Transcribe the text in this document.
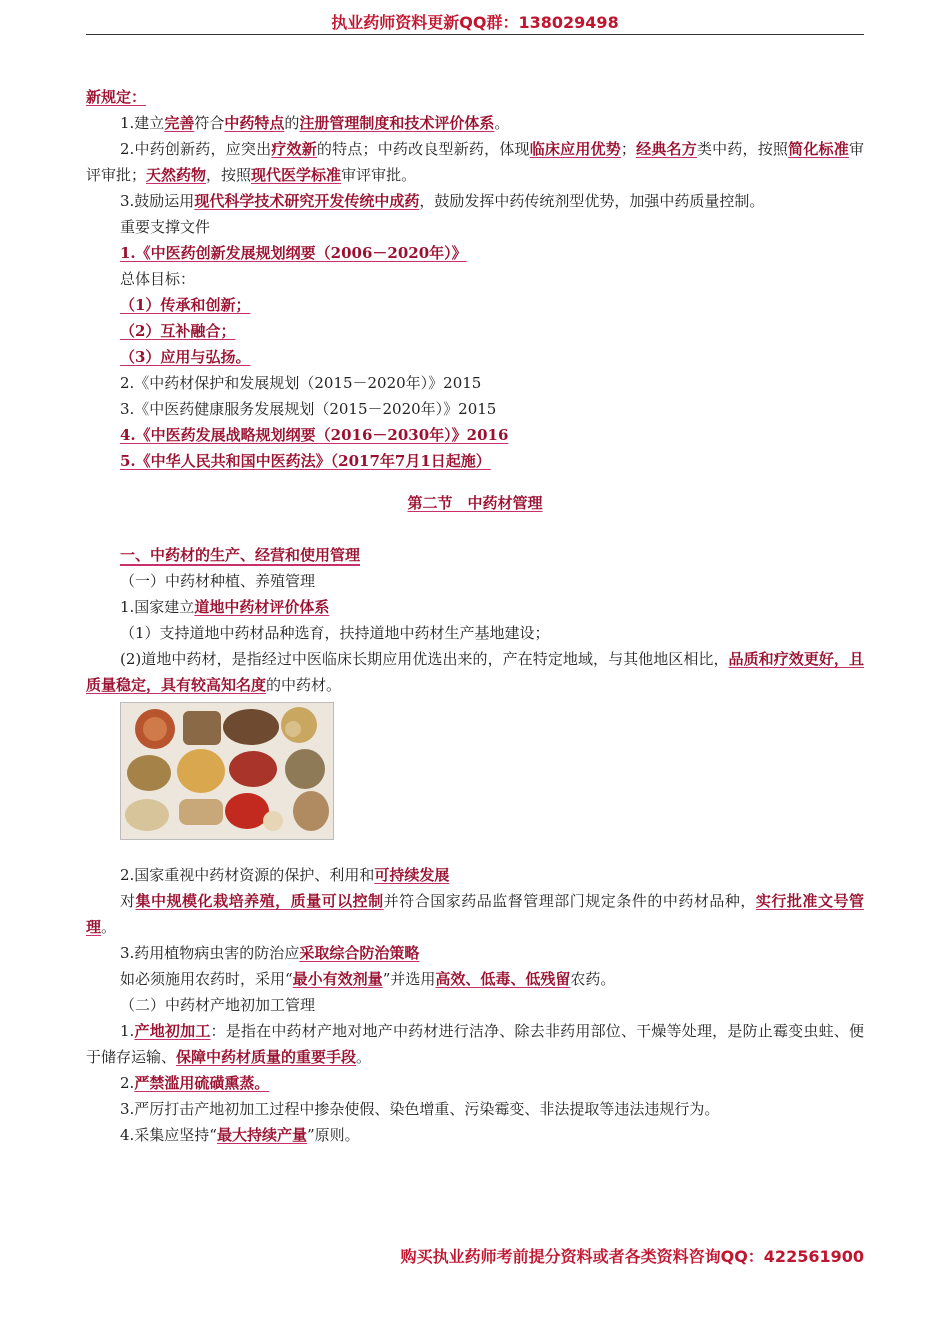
执业药师资料更新QQ群：138029498

新规定：

1.建立完善符合中药特点的注册管理制度和技术评价体系。

2.中药创新药，应突出疗效新的特点；中药改良型新药，体现临床应用优势；经典名方类中药，按照简化标准审评审批；天然药物，按照现代医学标准审评审批。

3.鼓励运用现代科学技术研究开发传统中成药，鼓励发挥中药传统剂型优势，加强中药质量控制。

重要支撑文件

1.《中医药创新发展规划纲要（2006－2020年）》

总体目标：

（1）传承和创新；

（2）互补融合；

（3）应用与弘扬。

2.《中药材保护和发展规划（2015－2020年）》2015

3.《中医药健康服务发展规划（2015－2020年）》2015

4.《中医药发展战略规划纲要（2016－2030年）》2016

5.《中华人民共和国中医药法》（2017年7月1日起施）

第二节　中药材管理

一、中药材的生产、经营和使用管理

（一）中药材种植、养殖管理

1.国家建立道地中药材评价体系

（1）支持道地中药材品种选育，扶持道地中药材生产基地建设；

(2)道地中药材，是指经过中医临床长期应用优选出来的，产在特定地域，与其他地区相比，品质和疗效更好，且质量稳定，具有较高知名度的中药材。

2.国家重视中药材资源的保护、利用和可持续发展

对集中规模化栽培养殖，质量可以控制并符合国家药品监督管理部门规定条件的中药材品种，实行批准文号管理。

3.药用植物病虫害的防治应采取综合防治策略

如必须施用农药时，采用“最小有效剂量”并选用高效、低毒、低残留农药。

（二）中药材产地初加工管理

1.产地初加工：是指在中药材产地对地产中药材进行洁净、除去非药用部位、干燥等处理，是防止霉变虫蛀、便于储存运输、保障中药材质量的重要手段。

2.严禁滥用硫磺熏蒸。

3.严厉打击产地初加工过程中掺杂使假、染色增重、污染霉变、非法提取等违法违规行为。

4.采集应坚持“最大持续产量”原则。

购买执业药师考前提分资料或者各类资料咨询QQ：422561900
